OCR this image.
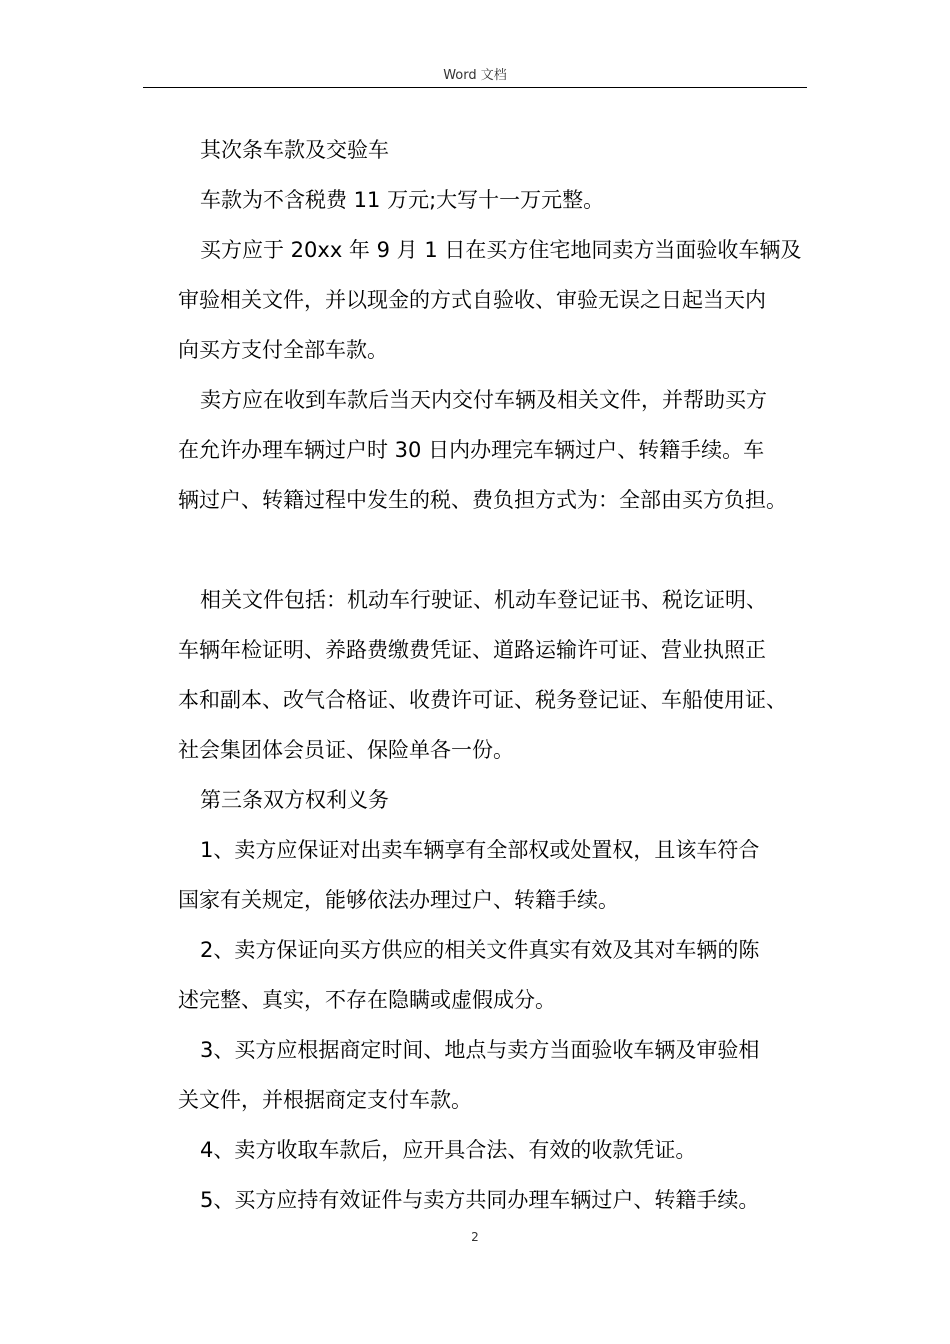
Word 文档
其次条车款及交验车
车款为不含税费 11 万元;大写十一万元整。
买方应于 20xx 年 9 月 1 日在买方住宅地同卖方当面验收车辆及
审验相关文件，并以现金的方式自验收、审验无误之日起当天内
向买方支付全部车款。
卖方应在收到车款后当天内交付车辆及相关文件，并帮助买方
在允许办理车辆过户时 30 日内办理完车辆过户、转籍手续。车
辆过户、转籍过程中发生的税、费负担方式为：全部由买方负担。
相关文件包括：机动车行驶证、机动车登记证书、税讫证明、
车辆年检证明、养路费缴费凭证、道路运输许可证、营业执照正
本和副本、改气合格证、收费许可证、税务登记证、车船使用证、
社会集团体会员证、保险单各一份。
第三条双方权利义务
1、卖方应保证对出卖车辆享有全部权或处置权，且该车符合
国家有关规定，能够依法办理过户、转籍手续。
2、卖方保证向买方供应的相关文件真实有效及其对车辆的陈
述完整、真实，不存在隐瞒或虚假成分。
3、买方应根据商定时间、地点与卖方当面验收车辆及审验相
关文件，并根据商定支付车款。
4、卖方收取车款后，应开具合法、有效的收款凭证。
5、买方应持有效证件与卖方共同办理车辆过户、转籍手续。
2
